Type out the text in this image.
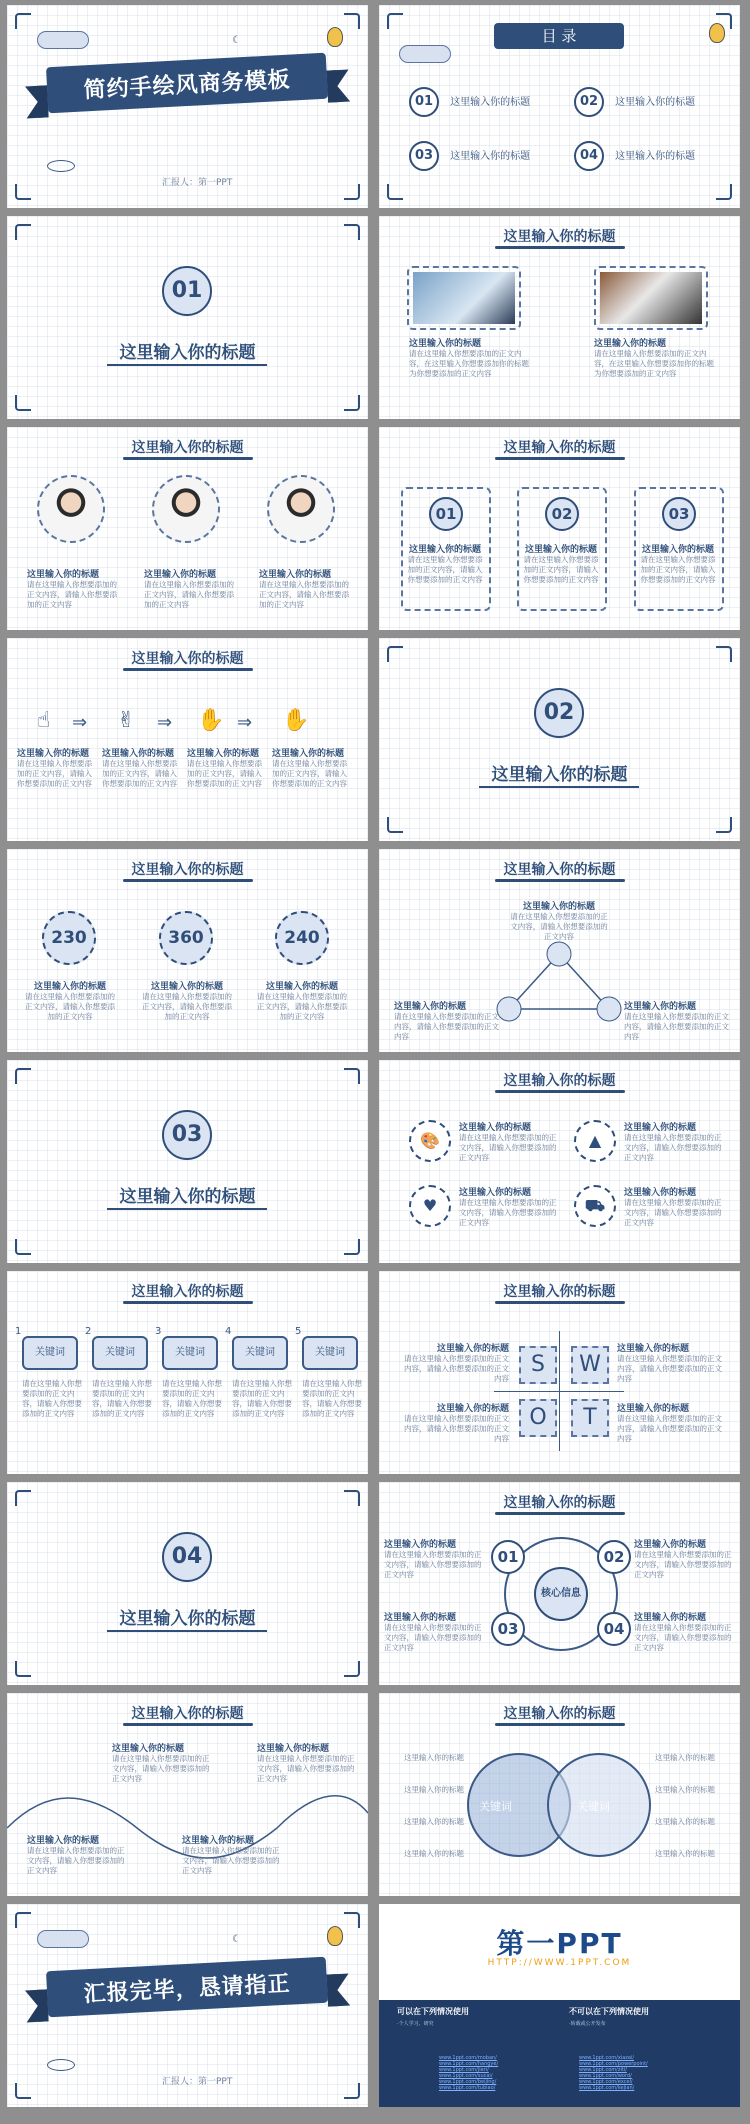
☾
简约手绘风商务模板
汇报人：第一PPT
目 录
01 这里输入你的标题	02 这里输入你的标题
03 这里输入你的标题	04 这里输入你的标题
01
这里输入你的标题
这里输入你的标题
这里输入你的标题
请在这里输入你想要添加的正文内容，在这里输入你想要添加你的标题为你想要添加的正文内容
这里输入你的标题
请在这里输入你想要添加的正文内容，在这里输入你想要添加你的标题为你想要添加的正文内容
这里输入你的标题
这里输入你的标题
请在这里输入你想要添加的正文内容，请输入你想要添加的正文内容
这里输入你的标题
请在这里输入你想要添加的正文内容，请输入你想要添加的正文内容
这里输入你的标题
请在这里输入你想要添加的正文内容，请输入你想要添加的正文内容
这里输入你的标题
01	02	03
这里输入你的标题
请在这里输入你想要添加的正文内容，请输入你想要添加的正文内容
这里输入你的标题
请在这里输入你想要添加的正文内容，请输入你想要添加的正文内容
这里输入你的标题
请在这里输入你想要添加的正文内容，请输入你想要添加的正文内容
这里输入你的标题
☝ ⇒ ✌ ⇒ ✋ ⇒ ✋
这里输入你的标题
请在这里输入你想要添加的正文内容，请输入你想要添加的正文内容
这里输入你的标题
请在这里输入你想要添加的正文内容，请输入你想要添加的正文内容
这里输入你的标题
请在这里输入你想要添加的正文内容，请输入你想要添加的正文内容
这里输入你的标题
请在这里输入你想要添加的正文内容，请输入你想要添加的正文内容
02
这里输入你的标题
这里输入你的标题
230	360	240
这里输入你的标题
请在这里输入你想要添加的正文内容，请输入你想要添加的正文内容
这里输入你的标题
请在这里输入你想要添加的正文内容，请输入你想要添加的正文内容
这里输入你的标题
请在这里输入你想要添加的正文内容，请输入你想要添加的正文内容
这里输入你的标题
这里输入你的标题
请在这里输入你想要添加的正文内容，请输入你想要添加的正文内容
这里输入你的标题
请在这里输入你想要添加的正文内容，请输入你想要添加的正文内容
这里输入你的标题
请在这里输入你想要添加的正文内容，请输入你想要添加的正文内容
03
这里输入你的标题
这里输入你的标题
🎨	▲
♥	⛟
这里输入你的标题
请在这里输入你想要添加的正文内容，请输入你想要添加的正文内容
这里输入你的标题
请在这里输入你想要添加的正文内容，请输入你想要添加的正文内容
这里输入你的标题
请在这里输入你想要添加的正文内容，请输入你想要添加的正文内容
这里输入你的标题
请在这里输入你想要添加的正文内容，请输入你想要添加的正文内容
这里输入你的标题
1	2	3	4	5
关键词	关键词	关键词	关键词	关键词
请在这里输入你想要添加的正文内容，请输入你想要添加的正文内容
请在这里输入你想要添加的正文内容，请输入你想要添加的正文内容
请在这里输入你想要添加的正文内容，请输入你想要添加的正文内容
请在这里输入你想要添加的正文内容，请输入你想要添加的正文内容
请在这里输入你想要添加的正文内容，请输入你想要添加的正文内容
这里输入你的标题
S	W
O	T
这里输入你的标题
请在这里输入你想要添加的正文内容，请输入你想要添加的正文内容
这里输入你的标题
请在这里输入你想要添加的正文内容，请输入你想要添加的正文内容
这里输入你的标题
请在这里输入你想要添加的正文内容，请输入你想要添加的正文内容
这里输入你的标题
请在这里输入你想要添加的正文内容，请输入你想要添加的正文内容
04
这里输入你的标题
这里输入你的标题
核心信息
01	02
03	04
这里输入你的标题
请在这里输入你想要添加的正文内容，请输入你想要添加的正文内容
这里输入你的标题
请在这里输入你想要添加的正文内容，请输入你想要添加的正文内容
这里输入你的标题
请在这里输入你想要添加的正文内容，请输入你想要添加的正文内容
这里输入你的标题
请在这里输入你想要添加的正文内容，请输入你想要添加的正文内容
这里输入你的标题
这里输入你的标题
请在这里输入你想要添加的正文内容，请输入你想要添加的正文内容
这里输入你的标题
请在这里输入你想要添加的正文内容，请输入你想要添加的正文内容
这里输入你的标题
请在这里输入你想要添加的正文内容，请输入你想要添加的正文内容
这里输入你的标题
请在这里输入你想要添加的正文内容，请输入你想要添加的正文内容
这里输入你的标题
关键词	关键词
这里输入你的标题
这里输入你的标题
这里输入你的标题
这里输入你的标题
这里输入你的标题
这里输入你的标题
这里输入你的标题
这里输入你的标题
☾
汇报完毕，恳请指正
汇报人：第一PPT
第一PPT
HTTP://WWW.1PPT.COM
可以在下列情况使用	不可以在下列情况使用
·个人学习、研究	·转载或公开发布
www.1ppt.com/moban/
www.1ppt.com/hangye/
www.1ppt.com/jieri/
www.1ppt.com/sucai/
www.1ppt.com/beijing/
www.1ppt.com/tubiao/
www.1ppt.com/xiazai/
www.1ppt.com/powerpoint/
www.1ppt.com/ziti/
www.1ppt.com/word/
www.1ppt.com/excel/
www.1ppt.com/kejian/
